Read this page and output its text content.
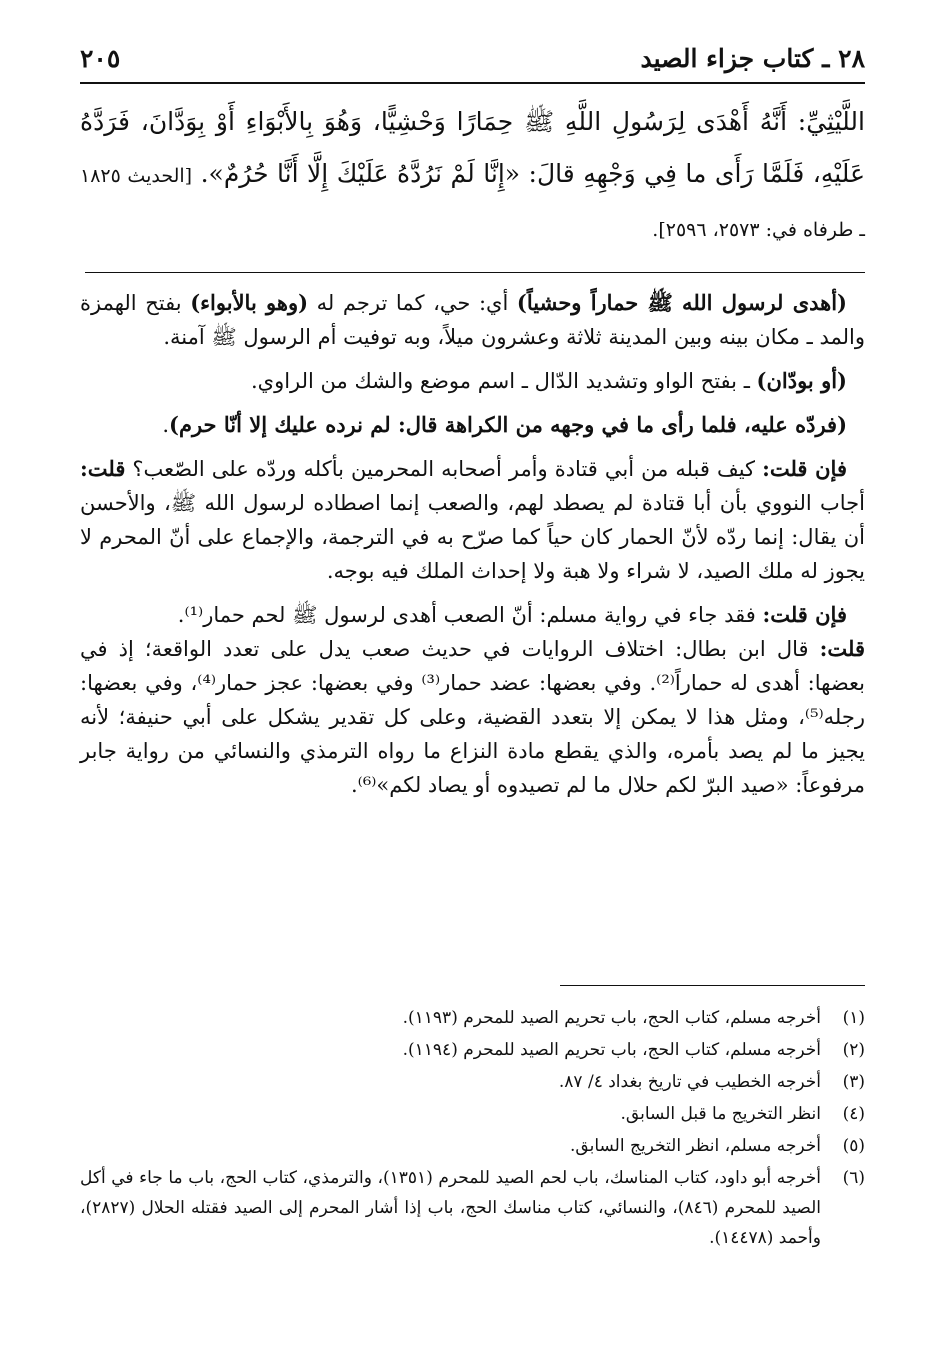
٢٨ ـ كتاب جزاء الصيد
٢٠٥
اللَّيْثِيِّ: أَنَّهُ أَهْدَى لِرَسُولِ اللَّهِ ﷺ حِمَارًا وَحْشِيًّا، وَهُوَ بِالأَبْوَاءِ أَوْ بِوَدَّانَ، فَرَدَّهُ عَلَيْهِ، فَلَمَّا رَأَى ما فِي وَجْهِهِ قالَ: «إِنَّا لَمْ نَرُدَّهُ عَلَيْكَ إِلَّا أَنَّا حُرُمٌ». [الحديث ١٨٢٥ ـ طرفاه في: ٢٥٧٣، ٢٥٩٦].

(أهدى لرسول الله ﷺ حماراً وحشياً) أي: حي، كما ترجم له (وهو بالأبواء) بفتح الهمزة والمد ـ مكان بينه وبين المدينة ثلاثة وعشرون ميلاً، وبه توفيت أم الرسول ﷺ آمنة.

(أو بودّان) ـ بفتح الواو وتشديد الدّال ـ اسم موضع والشك من الراوي.

(فردّه عليه، فلما رأى ما في وجهه من الكراهة قال: لم نرده عليك إلا أنّا حرم).

فإن قلت: كيف قبله من أبي قتادة وأمر أصحابه المحرمين بأكله وردّه على الصّعب؟ قلت: أجاب النووي بأن أبا قتادة لم يصطد لهم، والصعب إنما اصطاده لرسول الله ﷺ، والأحسن أن يقال: إنما ردّه لأنّ الحمار كان حياً كما صرّح به في الترجمة، والإجماع على أنّ المحرم لا يجوز له ملك الصيد، لا شراء ولا هبة ولا إحداث الملك فيه بوجه.

فإن قلت: فقد جاء في رواية مسلم: أنّ الصعب أهدى لرسول ﷺ لحم حمار⁽¹⁾.

قلت: قال ابن بطال: اختلاف الروايات في حديث صعب يدل على تعدد الواقعة؛ إذ في بعضها: أهدى له حماراً⁽²⁾. وفي بعضها: عضد حمار⁽³⁾ وفي بعضها: عجز حمار⁽⁴⁾، وفي بعضها: رجله⁽⁵⁾، ومثل هذا لا يمكن إلا بتعدد القضية، وعلى كل تقدير يشكل على أبي حنيفة؛ لأنه يجيز ما لم يصد بأمره، والذي يقطع مادة النزاع ما رواه الترمذي والنسائي من رواية جابر مرفوعاً: «صيد البرّ لكم حلال ما لم تصيدوه أو يصاد لكم»⁽⁶⁾.

(١)
أخرجه مسلم، كتاب الحج، باب تحريم الصيد للمحرم (١١٩٣).
(٢)
أخرجه مسلم، كتاب الحج، باب تحريم الصيد للمحرم (١١٩٤).
(٣)
أخرجه الخطيب في تاريخ بغداد ٤/ ٨٧.
(٤)
انظر التخريج ما قبل السابق.
(٥)
أخرجه مسلم، انظر التخريج السابق.
(٦)
أخرجه أبو داود، كتاب المناسك، باب لحم الصيد للمحرم (١٣٥١)، والترمذي، كتاب الحج، باب ما جاء في أكل الصيد للمحرم (٨٤٦)، والنسائي، كتاب مناسك الحج، باب إذا أشار المحرم إلى الصيد فقتله الحلال (٢٨٢٧)، وأحمد (١٤٤٧٨).
